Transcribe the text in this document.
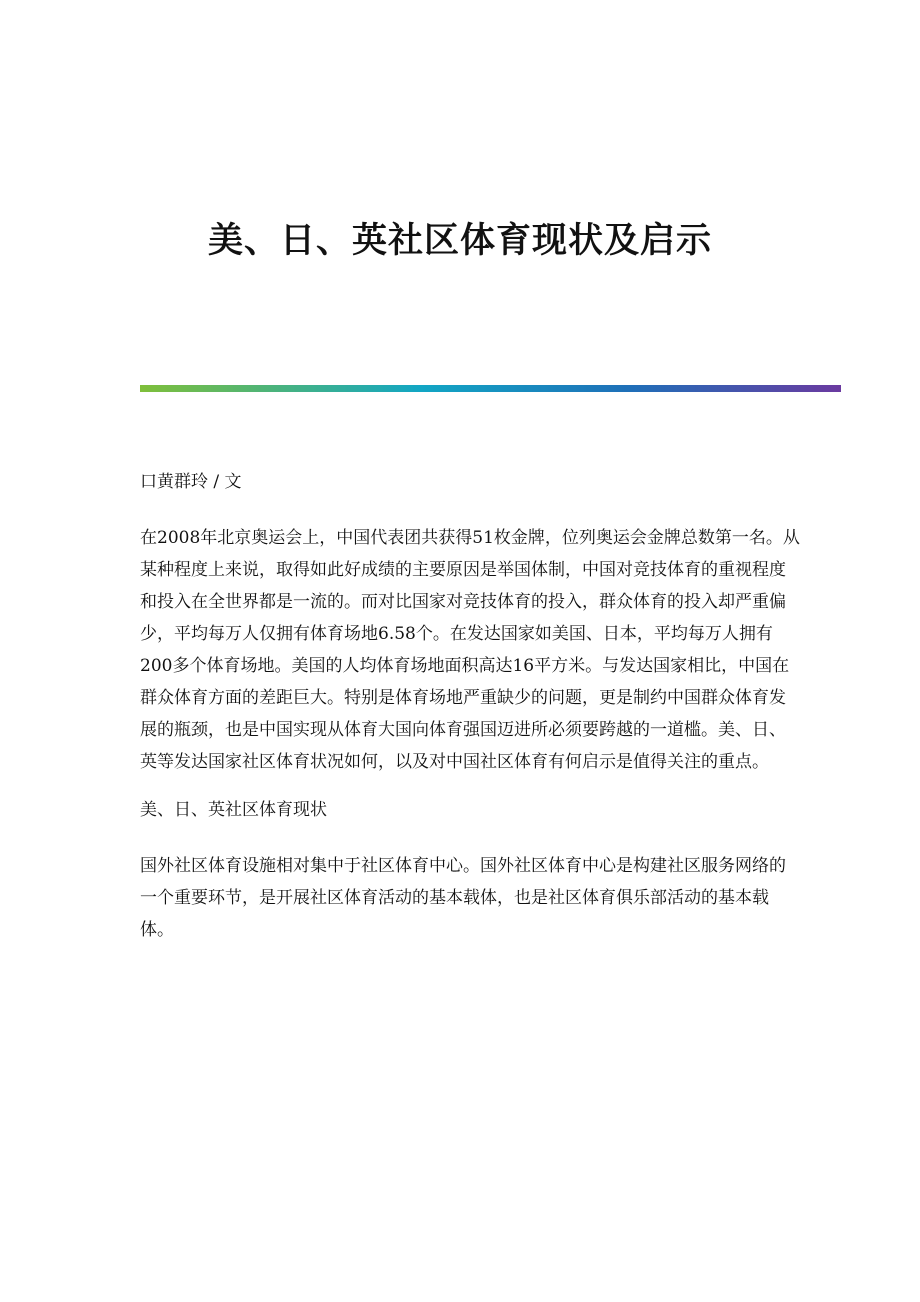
美、日、英社区体育现状及启示

口黄群玲 / 文

在2008年北京奥运会上，中国代表团共获得51枚金牌，位列奥运会金牌总数第一名。从某种程度上来说，取得如此好成绩的主要原因是举国体制，中国对竞技体育的重视程度和投入在全世界都是一流的。而对比国家对竞技体育的投入，群众体育的投入却严重偏少，平均每万人仅拥有体育场地6.58个。在发达国家如美国、日本，平均每万人拥有200多个体育场地。美国的人均体育场地面积高达16平方米。与发达国家相比，中国在群众体育方面的差距巨大。特别是体育场地严重缺少的问题，更是制约中国群众体育发展的瓶颈，也是中国实现从体育大国向体育强国迈进所必须要跨越的一道槛。美、日、英等发达国家社区体育状况如何，以及对中国社区体育有何启示是值得关注的重点。

美、日、英社区体育现状

国外社区体育设施相对集中于社区体育中心。国外社区体育中心是构建社区服务网络的一个重要环节，是开展社区体育活动的基本载体，也是社区体育俱乐部活动的基本载体。
